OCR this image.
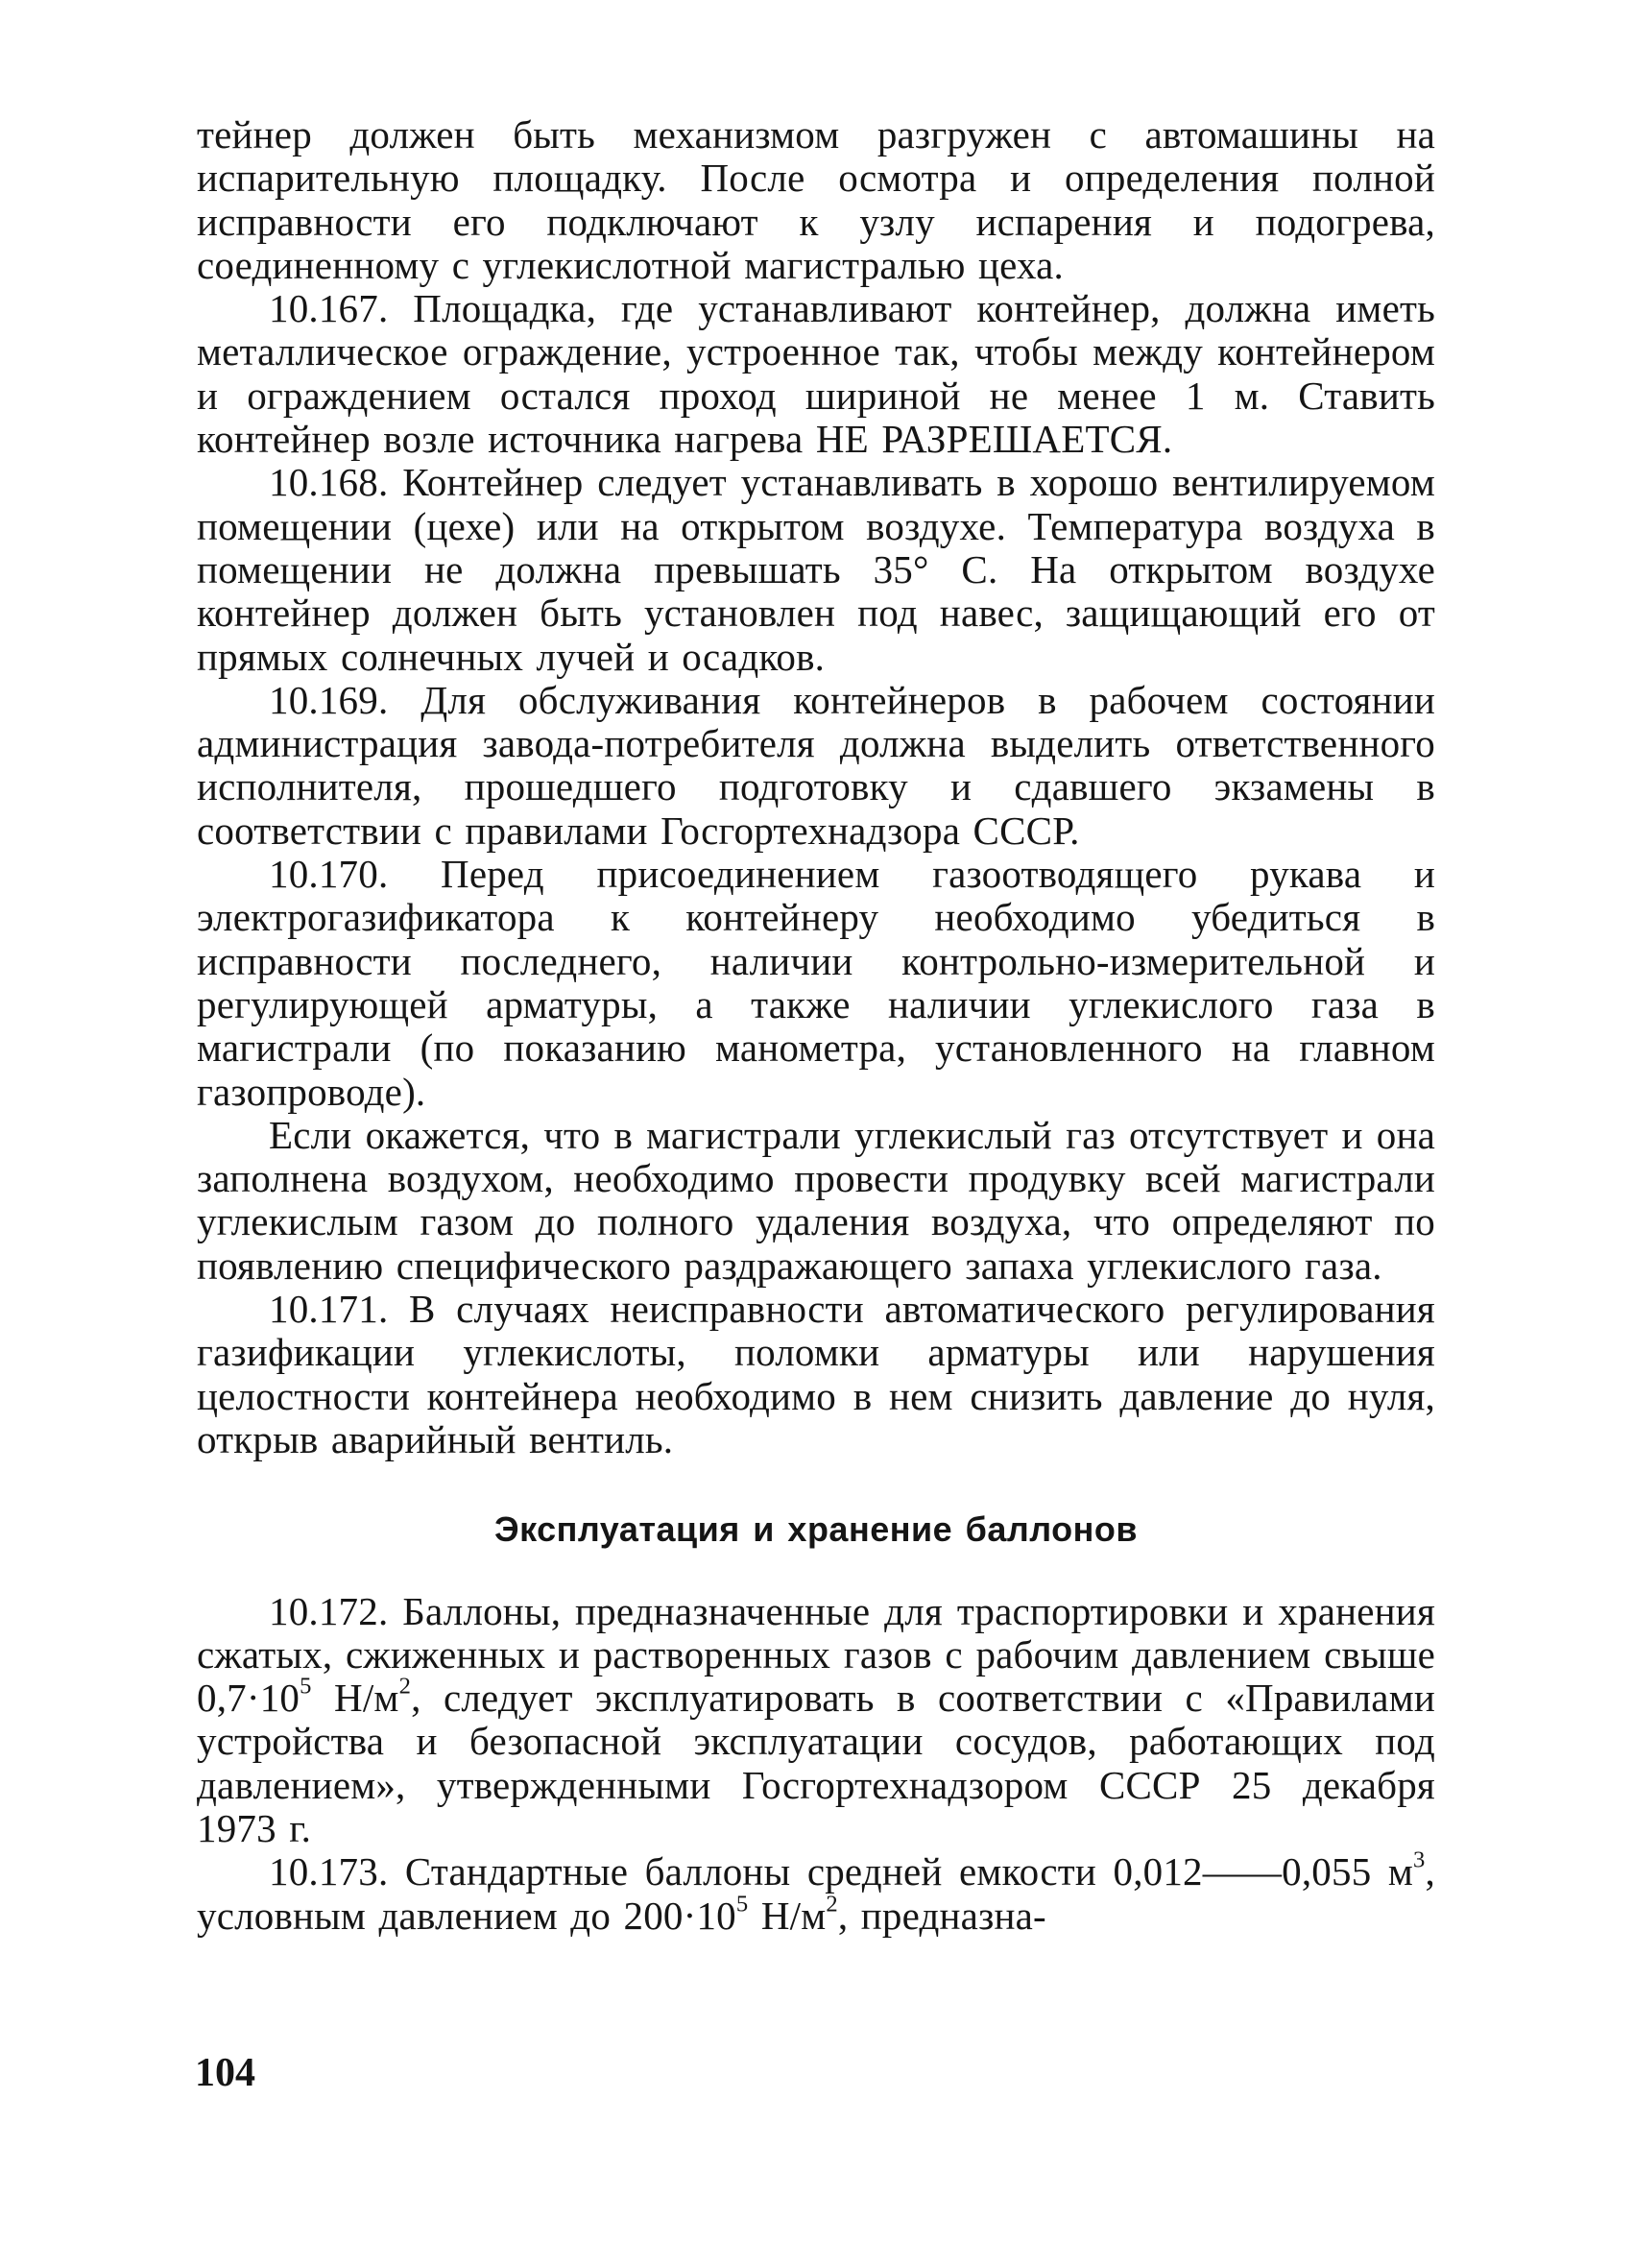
тейнер должен быть механизмом разгружен с автомашины на испарительную площадку. После осмотра и определения полной исправности его подключают к узлу испарения и подогрева, соединенному с углекислотной магистралью цеха.

10.167. Площадка, где устанавливают контейнер, должна иметь металлическое ограждение, устроенное так, чтобы между контейнером и ограждением остался проход шириной не менее 1 м. Ставить контейнер возле источника нагрева НЕ РАЗРЕШАЕТСЯ.

10.168. Контейнер следует устанавливать в хорошо вентилируемом помещении (цехе) или на открытом воздухе. Температура воздуха в помещении не должна превышать 35° С. На открытом воздухе контейнер должен быть установлен под навес, защищающий его от прямых солнечных лучей и осадков.

10.169. Для обслуживания контейнеров в рабочем состоянии администрация завода-потребителя должна выделить ответственного исполнителя, прошедшего подготовку и сдавшего экзамены в соответствии с правилами Госгортехнадзора СССР.

10.170. Перед присоединением газоотводящего рукава и электрогазификатора к контейнеру необходимо убедиться в исправности последнего, наличии контрольно-измерительной и регулирующей арматуры, а также наличии углекислого газа в магистрали (по показанию манометра, установленного на главном газопроводе).

Если окажется, что в магистрали углекислый газ отсутствует и она заполнена воздухом, необходимо провести продувку всей магистрали углекислым газом до полного удаления воздуха, что определяют по появлению специфического раздражающего запаха углекислого газа.

10.171. В случаях неисправности автоматического регулирования газификации углекислоты, поломки арматуры или нарушения целостности контейнера необходимо в нем снизить давление до нуля, открыв аварийный вентиль.

Эксплуатация и хранение баллонов

10.172. Баллоны, предназначенные для траспортировки и хранения сжатых, сжиженных и растворенных газов с рабочим давлением свыше $0,7\cdot 10^5$ $Н/м^2$, следует эксплуатировать в соответствии с «Правилами устройства и безопасной эксплуатации сосудов, работающих под давлением», утвержденными Госгортехнадзором СССР 25 декабря 1973 г.

10.173. Стандартные баллоны средней емкости 0,012——0,055 $м^3$, условным давлением до $200\cdot 10^5$ $Н/м^2$, предназна-

104
